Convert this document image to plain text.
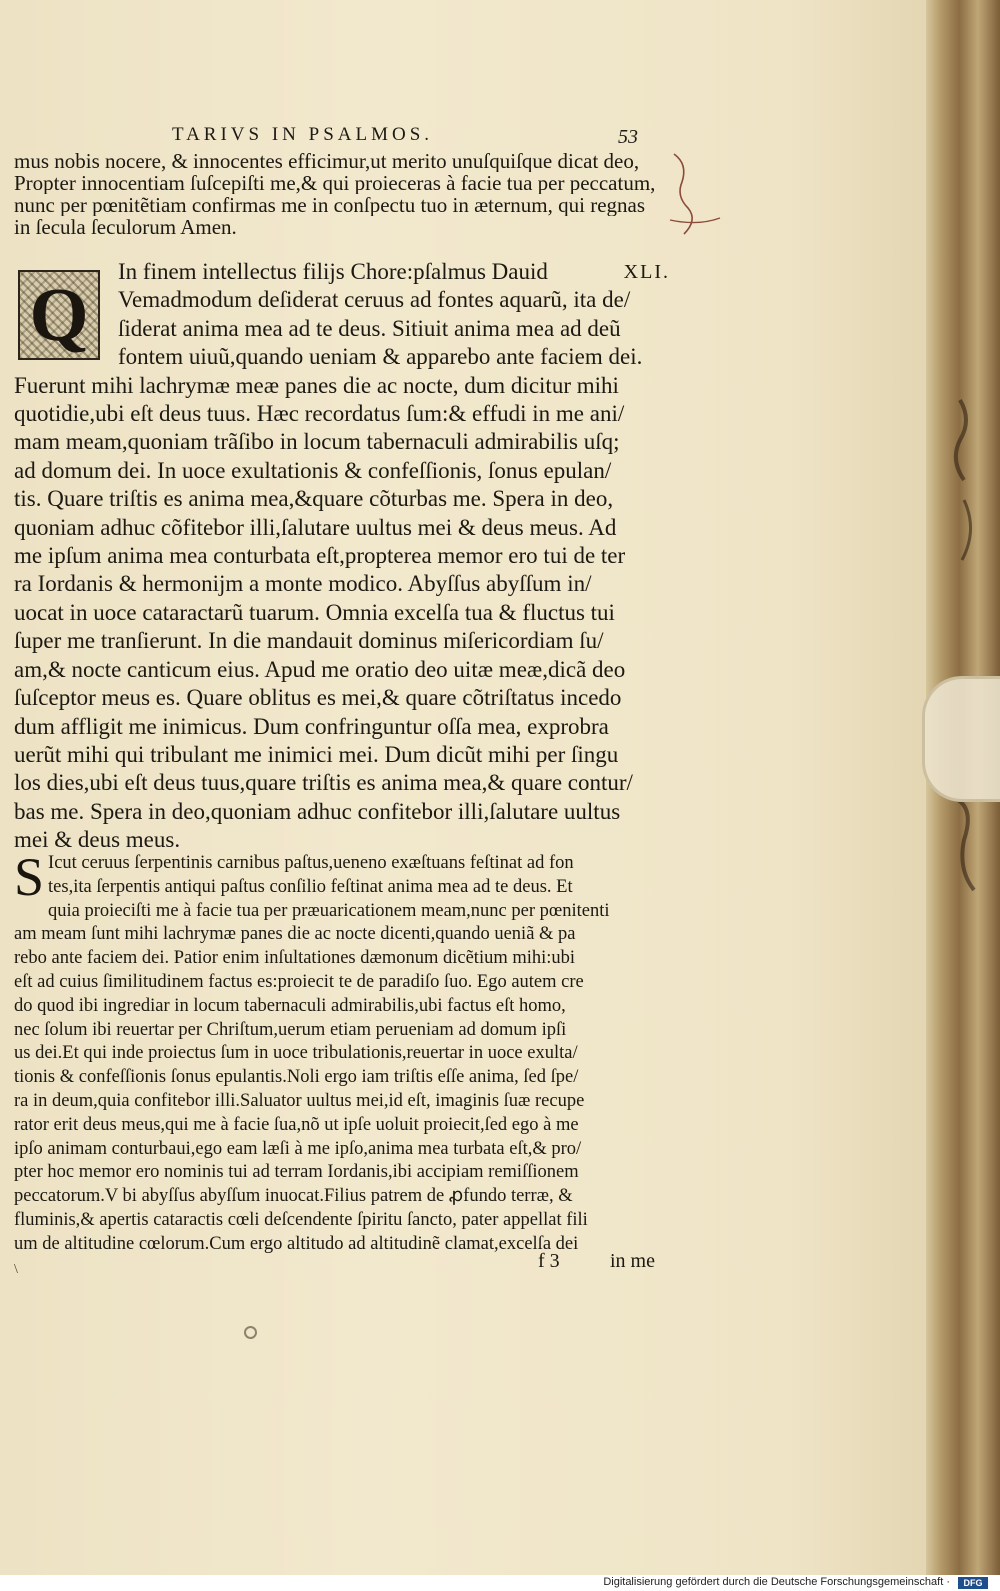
TARIVS IN PSALMOS.	53
mus nobis nocere, & innocentes efficimur,ut merito unuſquiſque dicat deo,
Propter innocentiam ſuſcepiſti me,& qui proieceras à facie tua per peccatum,
nunc per pœnitẽtiam confirmas me in conſpectu tuo in æternum, qui regnas
in ſecula ſeculorum Amen.
Q
In finem intellectus filijs Chore:pſalmus Dauid	XLI.
Vemadmodum deſiderat ceruus ad fontes aquarũ, ita de/
ſiderat anima mea ad te deus. Sitiuit anima mea ad deũ
fontem uiuũ,quando ueniam & apparebo ante faciem dei.
Fuerunt mihi lachrymæ meæ panes die ac nocte, dum dicitur mihi
quotidie,ubi eſt deus tuus. Hæc recordatus ſum:& effudi in me ani/
mam meam,quoniam trãſibo in locum tabernaculi admirabilis uſq;
ad domum dei. In uoce exultationis & confeſſionis, ſonus epulan/
tis. Quare triſtis es anima mea,&quare cõturbas me. Spera in deo,
quoniam adhuc cõfitebor illi,ſalutare uultus mei & deus meus. Ad
me ipſum anima mea conturbata eſt,propterea memor ero tui de ter
ra Iordanis & hermonijm a monte modico. Abyſſus abyſſum in/
uocat in uoce cataractarũ tuarum. Omnia excelſa tua & fluctus tui
ſuper me tranſierunt. In die mandauit dominus miſericordiam ſu/
am,& nocte canticum eius. Apud me oratio deo uitæ meæ,dicã deo
ſuſceptor meus es. Quare oblitus es mei,& quare cõtriſtatus incedo
dum affligit me inimicus. Dum confringuntur oſſa mea, exprobra
uerũt mihi qui tribulant me inimici mei. Dum dicũt mihi per ſingu
los dies,ubi eſt deus tuus,quare triſtis es anima mea,& quare contur/
bas me. Spera in deo,quoniam adhuc confitebor illi,ſalutare uultus
mei & deus meus.
S Icut ceruus ſerpentinis carnibus paſtus,ueneno exæſtuans feſtinat ad fon
tes,ita ſerpentis antiqui paſtus conſilio feſtinat anima mea ad te deus. Et
quia proieciſti me à facie tua per præuaricationem meam,nunc per pœnitenti
am meam ſunt mihi lachrymæ panes die ac nocte dicenti,quando ueniã & pa
rebo ante faciem dei. Patior enim inſultationes dæmonum dicẽtium mihi:ubi
eſt ad cuius ſimilitudinem factus es:proiecit te de paradiſo ſuo. Ego autem cre
do quod ibi ingrediar in locum tabernaculi admirabilis,ubi factus eſt homo,
nec ſolum ibi reuertar per Chriſtum,uerum etiam perueniam ad domum ipſi
us dei.Et qui inde proiectus ſum in uoce tribulationis,reuertar in uoce exulta/
tionis & confeſſionis ſonus epulantis.Noli ergo iam triſtis eſſe anima, ſed ſpe/
ra in deum,quia confitebor illi.Saluator uultus mei,id eſt, imaginis ſuæ recupe
rator erit deus meus,qui me à facie ſua,nõ ut ipſe uoluit proiecit,ſed ego à me
ipſo animam conturbaui,ego eam læſi à me ipſo,anima mea turbata eſt,& pro/
pter hoc memor ero nominis tui ad terram Iordanis,ibi accipiam remiſſionem
peccatorum.V bi abyſſus abyſſum inuocat.Filius patrem de ꝓfundo terræ, &
fluminis,& apertis cataractis cœli deſcendente ſpiritu ſancto, pater appellat fili
um de altitudine cœlorum.Cum ergo altitudo ad altitudinẽ clamat,excelſa dei
f 3	in me
\
Digitalisierung gefördert durch die Deutsche Forschungsgemeinschaft ·	DFG
